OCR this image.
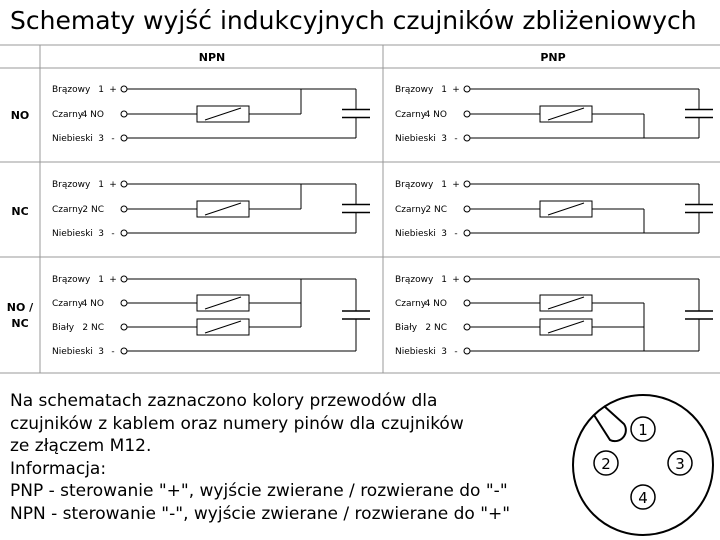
Schematy wyjść indukcyjnych czujników zbliżeniowych
NPN	PNP
NO
NC
NO /
NC
Brązowy 1 +
Czarny
4 NO
Niebieski 3 -
Brązowy 1 +
Czarny
4 NO
Niebieski 3 -
Brązowy 1 +
Czarny 2 NC
Niebieski 3 -
Brązowy 1 +
Czarny 2 NC
Niebieski 3 -
Brązowy 1 +
Czarny
4 NO
Biały 2 NC
Niebieski 3 -
Brązowy 1 +
Czarny
4 NO
Biały 2 NC
Niebieski 3 -
Na schematach zaznaczono kolory przewodów dla
czujników z kablem oraz numery pinów dla czujników
ze złączem M12.
Informacja:
PNP - sterowanie "+", wyjście zwierane / rozwierane do "-"
NPN - sterowanie "-", wyjście zwierane / rozwierane do "+"
1
2	3
4
